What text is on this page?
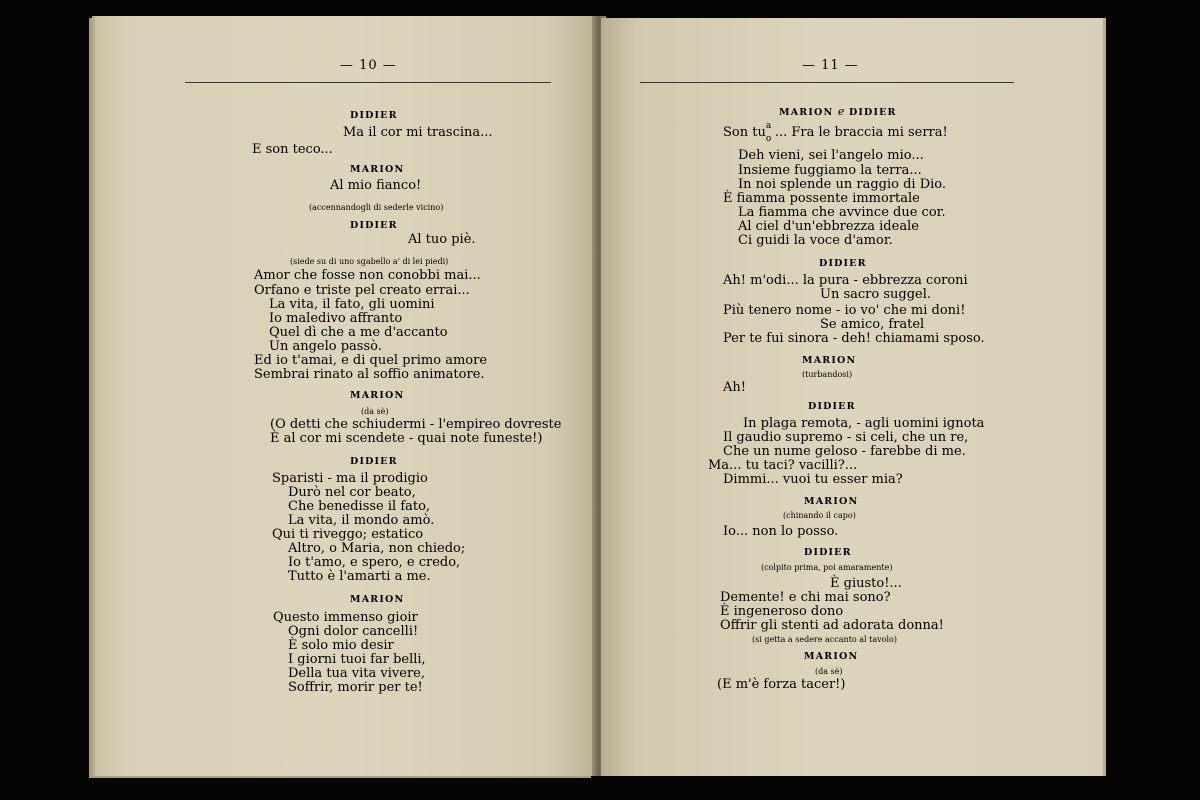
— 10 —	— 11 —
DIDIER
Ma il cor mi trascina...
E son teco...
MARION
Al mio fianco!
(accennandogli di sederle vicino)
DIDIER
Al tuo piè.
(siede su di uno sgabello a' di lei piedi)
Amor che fosse non conobbi mai...
Orfano e triste pel creato errai...
La vita, il fato, gli uomini
Io maledivo affranto
Quel dì che a me d'accanto
Un angelo passò.
Ed io t'amai, e di quel primo amore
Sembrai rinato al soffio animatore.
MARION
(da sè)
(O detti che schiudermi - l'empireo dovreste
È al cor mi scendete - quai note funeste!)
DIDIER
Sparisti - ma il prodigio
Durò nel cor beato,
Che benedisse il fato,
La vita, il mondo amò.
Qui ti riveggo; estatico
Altro, o Maria, non chiedo;
Io t'amo, e spero, e credo,
Tutto è l'amarti a me.
MARION
Questo immenso gioir
Ogni dolor cancelli!
È solo mio desir
I giorni tuoi far belli,
Della tua vita vivere,
Soffrir, morir per te!
MARION e DIDIER
Son tu a
o ... Fra le braccia mi serra!
Deh vieni, sei l'angelo mio...
Insieme fuggiamo la terra...
In noi splende un raggio di Dio.
È fiamma possente immortale
La fiamma che avvince due cor.
Al ciel d'un'ebbrezza ideale
Ci guidi la voce d'amor.
DIDIER
Ah! m'odi... la pura - ebbrezza coroni
Un sacro suggel.
Più tenero nome - io vo' che mi doni!
Se amico, fratel
Per te fui sinora - deh! chiamami sposo.
MARION
(turbandosi)
Ah!
DIDIER
In plaga remota, - agli uomini ignota
Il gaudio supremo - si celi, che un re,
Che un nume geloso - farebbe di me.
Ma... tu taci? vacilli?...
Dimmi... vuoi tu esser mia?
MARION
(chinando il capo)
Io... non lo posso.
DIDIER
(colpito prima, poi amaramente)
È giusto!...
Demente! e chi mai sono?
È ingeneroso dono
Offrir gli stenti ad adorata donna!
(si getta a sedere accanto al tavolo)
MARION
(da sè)
(E m'è forza tacer!)
